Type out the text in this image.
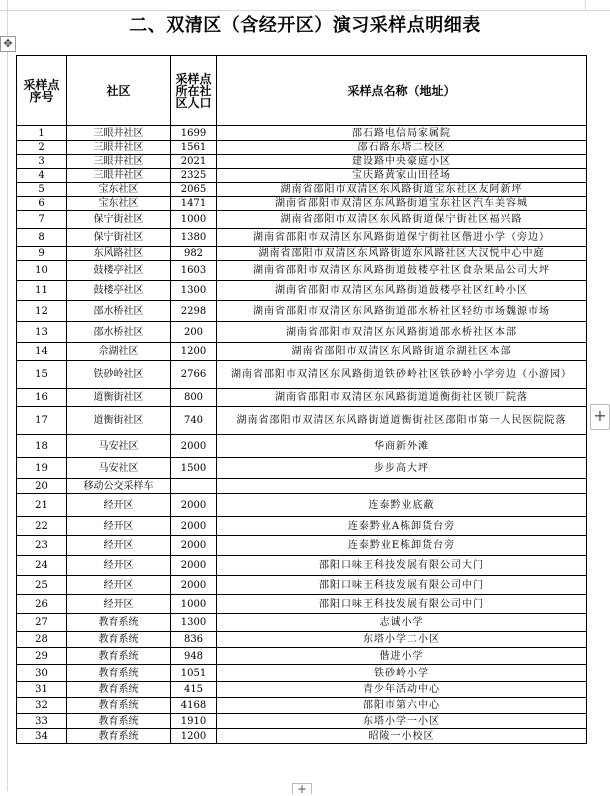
✥
二、双清区（含经开区）演习采样点明细表
采样点序号	社区	采样点所在社区人口	采样点名称（地址）
1	三眼井社区	1699	邵石路电信局家属院
2	三眼井社区	1561	邵石路东塔二校区
3	三眼井社区	2021	建设路中央豪庭小区
4	三眼井社区	2325	宝庆路黄家山田径场
5	宝东社区	2065	湖南省邵阳市双清区东风路街道宝东社区友阿新坪
6	宝东社区	1471	湖南省邵阳市双清区东风路街道宝东社区汽车美容城
7	保宁街社区	1000	湖南省邵阳市双清区东风路街道保宁街社区福兴路
8	保宁街社区	1380	湖南省邵阳市双清区东风路街道保宁街社区偕进小学（旁边）
9	东风路社区	982	湖南省邵阳市双清区东风路街道东风路社区大汉悦中心中庭
10	鼓楼亭社区	1603	湖南省邵阳市双清区东风路街道鼓楼亭社区食杂果品公司大坪
11	鼓楼亭社区	1300	湖南省邵阳市双清区东风路街道鼓楼亭社区红岭小区
12	邵水桥社区	2298	湖南省邵阳市双清区东风路街道邵水桥社区轻纺市场魏源市场
13	邵水桥社区	200	湖南省邵阳市双清区东风路街道邵水桥社区本部
14	佘湖社区	1200	湖南省邵阳市双清区东风路街道佘湖社区本部
15	铁砂岭社区	2766	湖南省邵阳市双清区东风路街道铁砂岭社区铁砂岭小学旁边（小游园）
16	道衡街社区	800	湖南省邵阳市双清区东风路街道道衡街社区锁厂院落
17	道衡街社区	740	湖南省邵阳市双清区东风路街道道衡街社区邵阳市第一人民医院院落
18	马安社区	2000	华商新外滩
19	马安社区	1500	步步高大坪
20	移动公交采样车		
21	经开区	2000	连泰黔业底蔽
22	经开区	2000	连泰黔业A栋卸货台旁
23	经开区	2000	连泰黔业E栋卸货台旁
24	经开区	2000	邵阳口味王科技发展有限公司大门
25	经开区	2000	邵阳口味王科技发展有限公司中门
26	经开区	1000	邵阳口味王科技发展有限公司中门
27	教育系统	1300	志诚小学
28	教育系统	836	东塔小学二小区
29	教育系统	948	偕进小学
30	教育系统	1051	铁砂岭小学
31	教育系统	415	青少年活动中心
32	教育系统	4168	邵阳市第六中心
33	教育系统	1910	东塔小学一小区
34	教育系统	1200	昭陵一小校区
+
+
